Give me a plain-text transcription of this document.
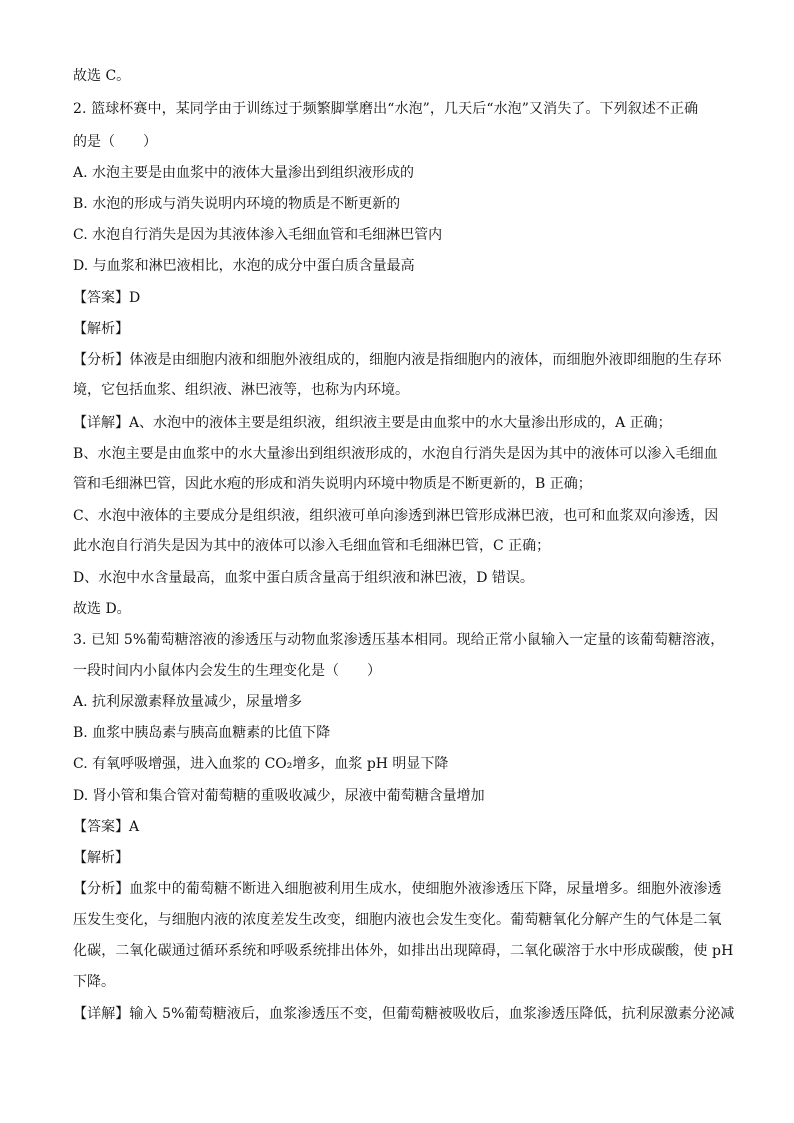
故选 C。
2. 篮球杯赛中，某同学由于训练过于频繁脚掌磨出“水泡”，几天后“水泡”又消失了。下列叙述不正确
的是（　　）
A. 水泡主要是由血浆中的液体大量渗出到组织液形成的
B. 水泡的形成与消失说明内环境的物质是不断更新的
C. 水泡自行消失是因为其液体渗入毛细血管和毛细淋巴管内
D. 与血浆和淋巴液相比，水泡的成分中蛋白质含量最高
【答案】D
【解析】
【分析】体液是由细胞内液和细胞外液组成的，细胞内液是指细胞内的液体，而细胞外液即细胞的生存环
境，它包括血浆、组织液、淋巴液等，也称为内环境。
【详解】A、水泡中的液体主要是组织液，组织液主要是由血浆中的水大量渗出形成的，A 正确；
B、水泡主要是由血浆中的水大量渗出到组织液形成的，水泡自行消失是因为其中的液体可以渗入毛细血
管和毛细淋巴管，因此水疱的形成和消失说明内环境中物质是不断更新的，B 正确；
C、水泡中液体的主要成分是组织液，组织液可单向渗透到淋巴管形成淋巴液，也可和血浆双向渗透，因
此水泡自行消失是因为其中的液体可以渗入毛细血管和毛细淋巴管，C 正确；
D、水泡中水含量最高，血浆中蛋白质含量高于组织液和淋巴液，D 错误。
故选 D。
3. 已知 5%葡萄糖溶液的渗透压与动物血浆渗透压基本相同。现给正常小鼠输入一定量的该葡萄糖溶液，
一段时间内小鼠体内会发生的生理变化是（　　）
A. 抗利尿激素释放量减少，尿量增多
B. 血浆中胰岛素与胰高血糖素的比值下降
C. 有氧呼吸增强，进入血浆的 CO₂增多，血浆 pH 明显下降
D. 肾小管和集合管对葡萄糖的重吸收减少，尿液中葡萄糖含量增加
【答案】A
【解析】
【分析】血浆中的葡萄糖不断进入细胞被利用生成水，使细胞外液渗透压下降，尿量增多。细胞外液渗透
压发生变化，与细胞内液的浓度差发生改变，细胞内液也会发生变化。葡萄糖氧化分解产生的气体是二氧
化碳，二氧化碳通过循环系统和呼吸系统排出体外，如排出出现障碍，二氧化碳溶于水中形成碳酸，使 pH
下降。
【详解】输入 5%葡萄糖液后，血浆渗透压不变，但葡萄糖被吸收后，血浆渗透压降低，抗利尿激素分泌减
